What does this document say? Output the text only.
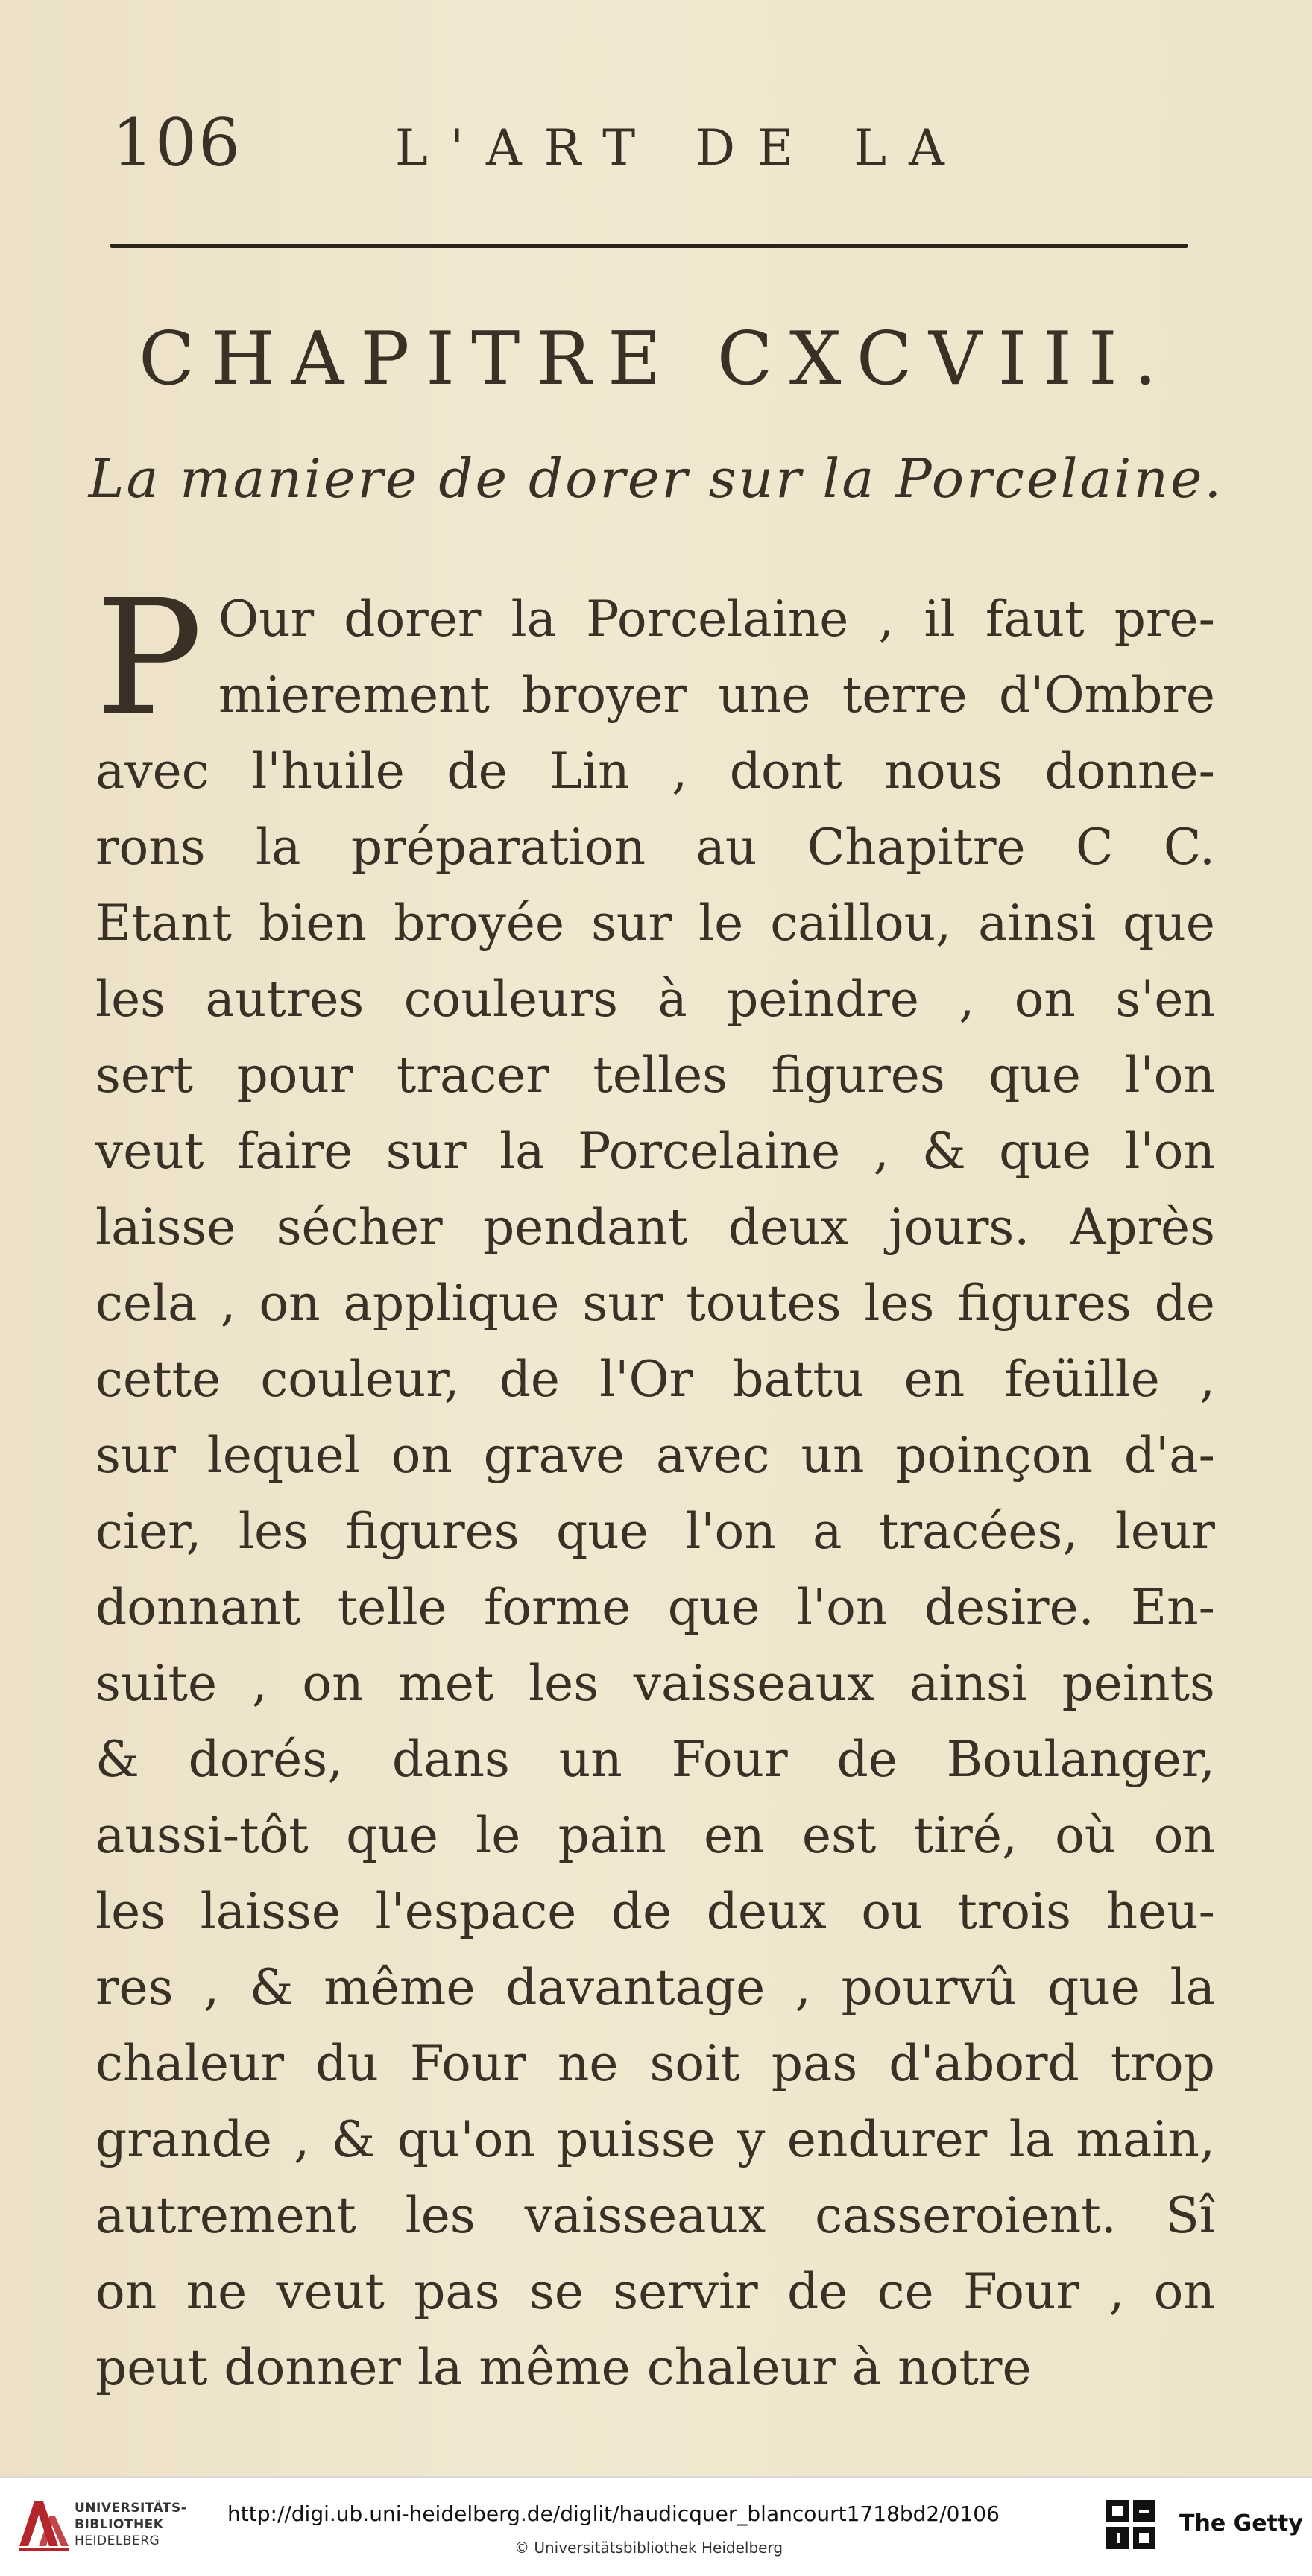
106	L'ART DE LA
CHAPITRE CXCVIII.
La maniere de dorer sur la Porcelaine.
P Our dorer la Porcelaine , il faut pre-
mierement broyer une terre d'Ombre
avec l'huile de Lin , dont nous donne-
rons la préparation au Chapitre C C.
Etant bien broyée sur le caillou, ainsi que
les autres couleurs à peindre , on s'en
sert pour tracer telles figures que l'on
veut faire sur la Porcelaine , & que l'on
laisse sécher pendant deux jours. Après
cela , on applique sur toutes les figures de
cette couleur, de l'Or battu en feüille ,
sur lequel on grave avec un poinçon d'a-
cier, les figures que l'on a tracées, leur
donnant telle forme que l'on desire. En-
suite , on met les vaisseaux ainsi peints
& dorés, dans un Four de Boulanger,
aussi-tôt que le pain en est tiré, où on
les laisse l'espace de deux ou trois heu-
res , & même davantage , pourvû que la
chaleur du Four ne soit pas d'abord trop
grande , & qu'on puisse y endurer la main,
autrement les vaisseaux casseroient. Sî
on ne veut pas se servir de ce Four , on
peut donner la même chaleur à notre
UNIVERSITÄTS-
BIBLIOTHEK
HEIDELBERG
http://digi.ub.uni-heidelberg.de/diglit/haudicquer_blancourt1718bd2/0106
© Universitätsbibliothek Heidelberg
The Getty
